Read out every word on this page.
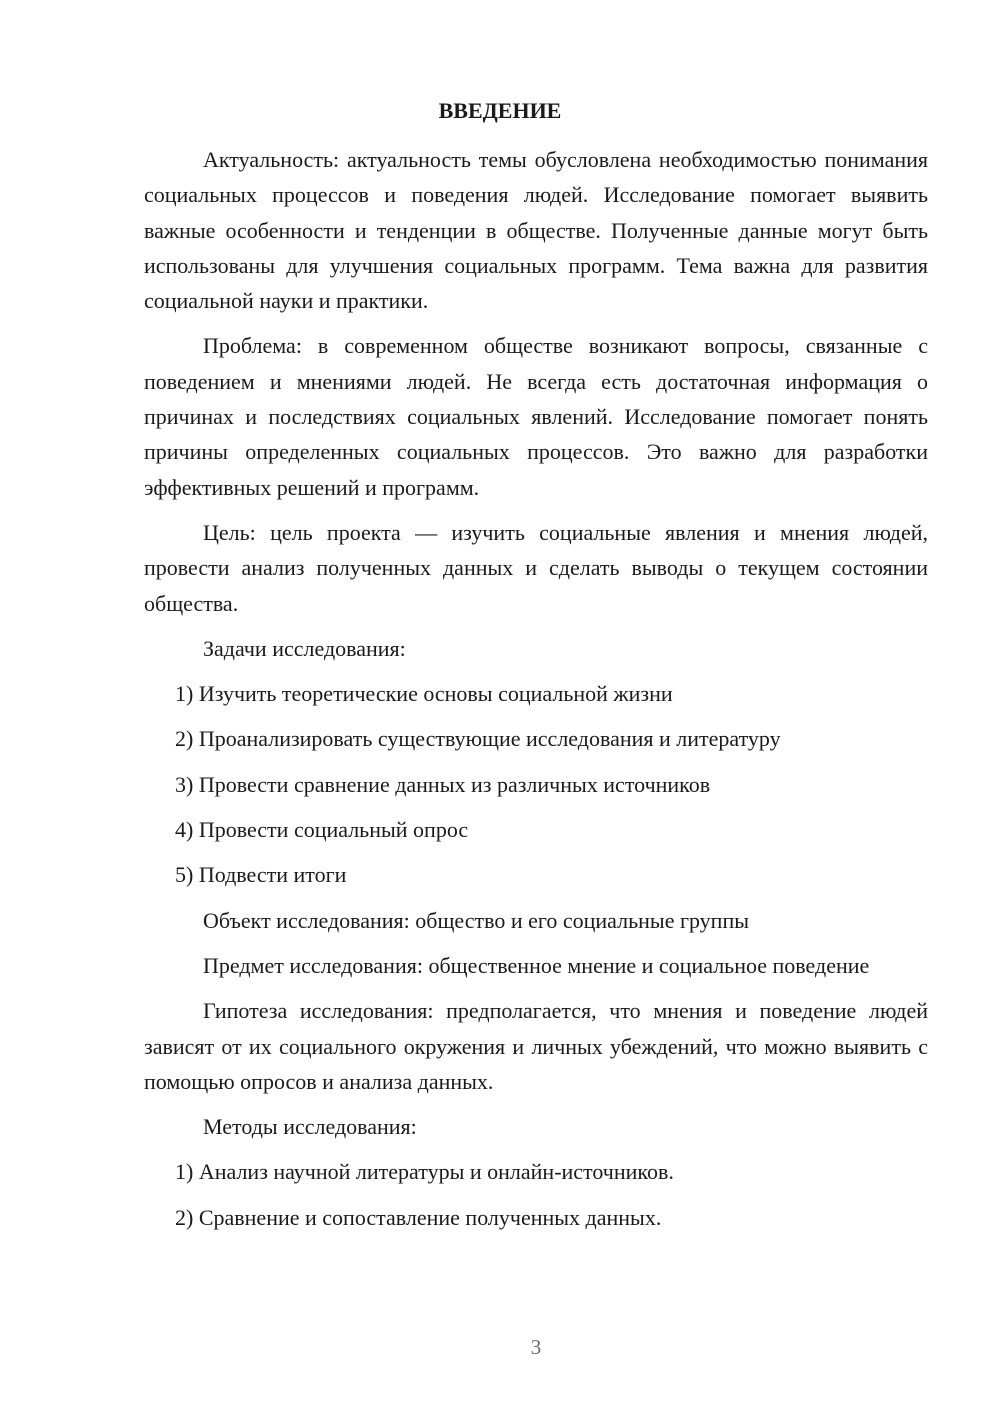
ВВЕДЕНИЕ

Актуальность: актуальность темы обусловлена необходимостью понимания социальных процессов и поведения людей. Исследование помогает выявить важные особенности и тенденции в обществе. Полученные данные могут быть использованы для улучшения социальных программ. Тема важна для развития социальной науки и практики.

Проблема: в современном обществе возникают вопросы, связанные с поведением и мнениями людей. Не всегда есть достаточная информация о причинах и последствиях социальных явлений. Исследование помогает понять причины определенных социальных процессов. Это важно для разработки эффективных решений и программ.

Цель: цель проекта — изучить социальные явления и мнения людей, провести анализ полученных данных и сделать выводы о текущем состоянии общества.

Задачи исследования:

1) Изучить теоретические основы социальной жизни

2) Проанализировать существующие исследования и литературу

3) Провести сравнение данных из различных источников

4) Провести социальный опрос

5) Подвести итоги

Объект исследования: общество и его социальные группы

Предмет исследования: общественное мнение и социальное поведение

Гипотеза исследования: предполагается, что мнения и поведение людей зависят от их социального окружения и личных убеждений, что можно выявить с помощью опросов и анализа данных.

Методы исследования:

1) Анализ научной литературы и онлайн-источников.

2) Сравнение и сопоставление полученных данных.

3
